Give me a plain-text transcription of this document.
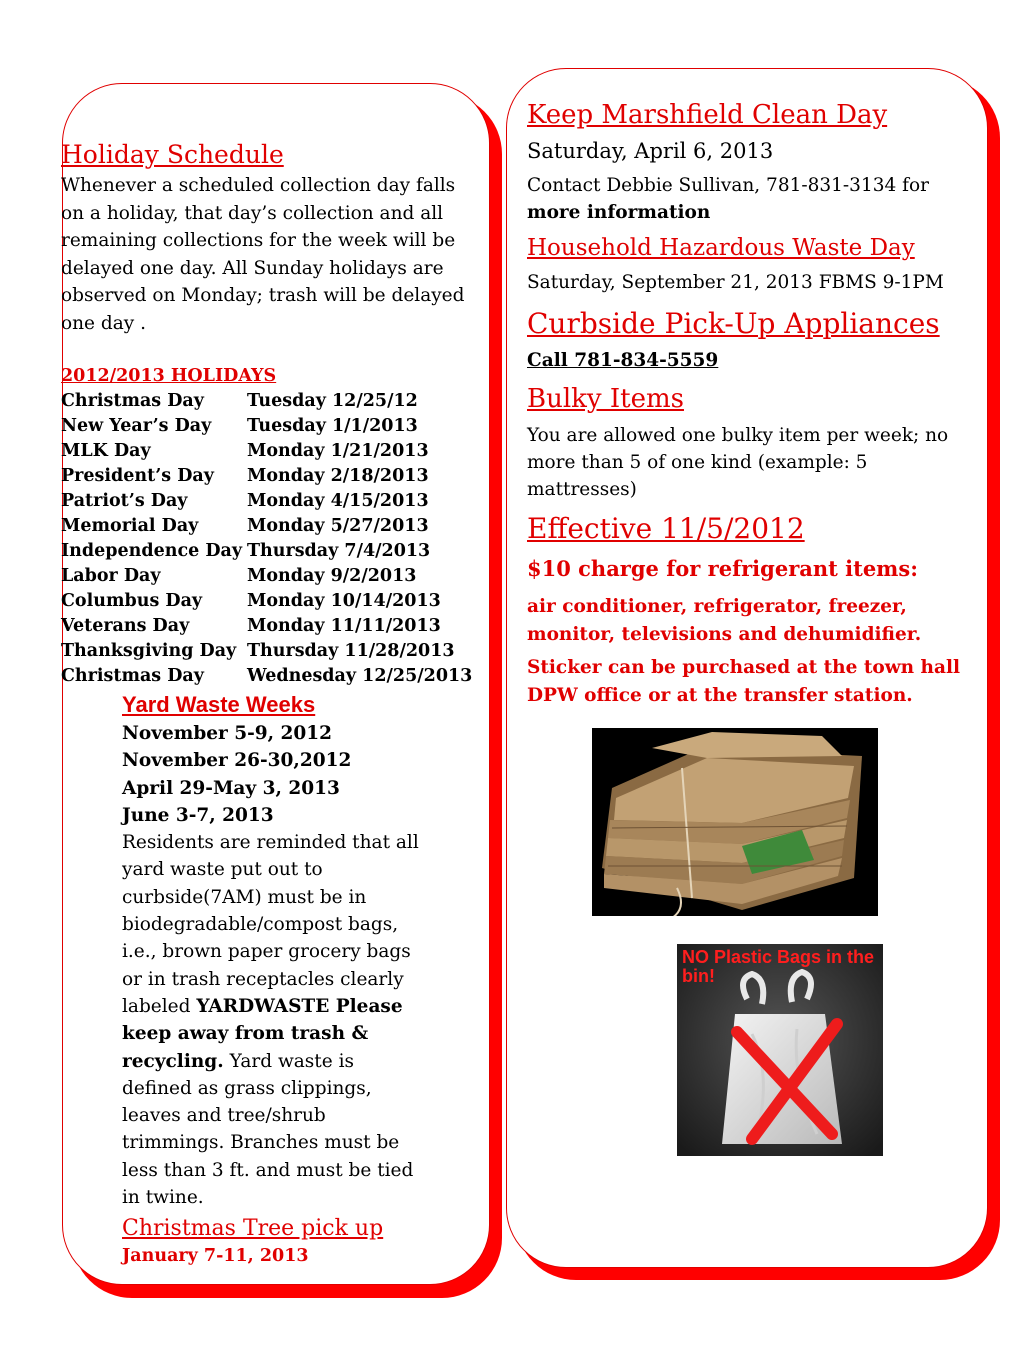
Holiday Schedule
Whenever a scheduled collection day falls on a holiday, that day’s collection and all remaining collections for the week will be delayed one day. All Sunday holidays are observed on Monday; trash will be delayed one day .
2012/2013 HOLIDAYS
Christmas Day	Tuesday 12/25/12
New Year’s Day	Tuesday 1/1/2013
MLK Day	Monday 1/21/2013
President’s Day	Monday 2/18/2013
Patriot’s Day	Monday 4/15/2013
Memorial Day	Monday 5/27/2013
Independence Day	Thursday 7/4/2013
Labor Day	Monday 9/2/2013
Columbus Day	Monday 10/14/2013
Veterans Day	Monday 11/11/2013
Thanksgiving Day	Thursday 11/28/2013
Christmas Day	Wednesday 12/25/2013
Yard Waste Weeks
November 5-9, 2012
November 26-30,2012
April 29-May 3, 2013
June 3-7, 2013
Residents are reminded that all yard waste put out to curbside(7AM) must be in biodegradable/compost bags, i.e., brown paper grocery bags or in trash receptacles clearly labeled YARDWASTE Please keep away from trash & recycling. Yard waste is defined as grass clippings, leaves and tree/shrub trimmings. Branches must be less than 3 ft. and must be tied in twine.
Christmas Tree pick up
January 7-11, 2013
Keep Marshfield Clean Day
Saturday, April 6, 2013
Contact Debbie Sullivan, 781-831-3134 for more information
Household Hazardous Waste Day
Saturday, September 21, 2013 FBMS 9-1PM
Curbside Pick-Up Appliances
Call 781-834-5559
Bulky Items
You are allowed one bulky item per week; no more than 5 of one kind (example: 5 mattresses)
Effective 11/5/2012
$10 charge for refrigerant items:
air conditioner, refrigerator, freezer, monitor, televisions and dehumidifier.
Sticker can be purchased at the town hall DPW office or at the transfer station.
NO Plastic Bags in the bin!
